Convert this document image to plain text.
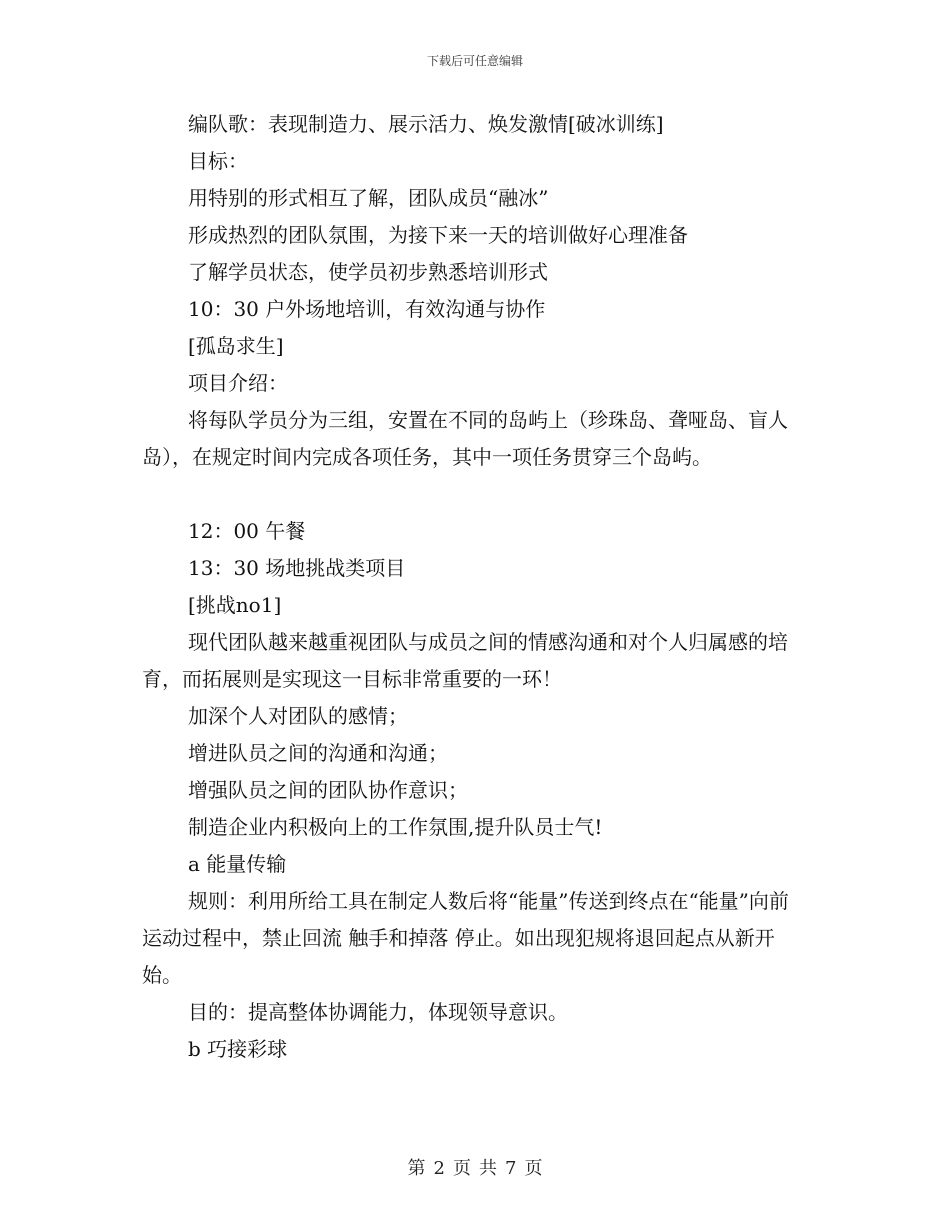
下载后可任意编辑

编队歌：表现制造力、展示活力、焕发激情[破冰训练]

目标：

用特别的形式相互了解，团队成员“融冰”

形成热烈的团队氛围，为接下来一天的培训做好心理准备

了解学员状态，使学员初步熟悉培训形式

10：30 户外场地培训，有效沟通与协作

[孤岛求生]

项目介绍：

将每队学员分为三组，安置在不同的岛屿上（珍珠岛、聋哑岛、盲人岛），在规定时间内完成各项任务，其中一项任务贯穿三个岛屿。

12：00 午餐

13：30 场地挑战类项目

[挑战no1]

现代团队越来越重视团队与成员之间的情感沟通和对个人归属感的培育，而拓展则是实现这一目标非常重要的一环！

加深个人对团队的感情；

增进队员之间的沟通和沟通；

增强队员之间的团队协作意识；

制造企业内积极向上的工作氛围,提升队员士气!

a 能量传输

规则：利用所给工具在制定人数后将“能量”传送到终点在“能量”向前运动过程中，禁止回流 触手和掉落 停止。如出现犯规将退回起点从新开始。

目的：提高整体协调能力，体现领导意识。

b 巧接彩球

第 2 页 共 7 页
